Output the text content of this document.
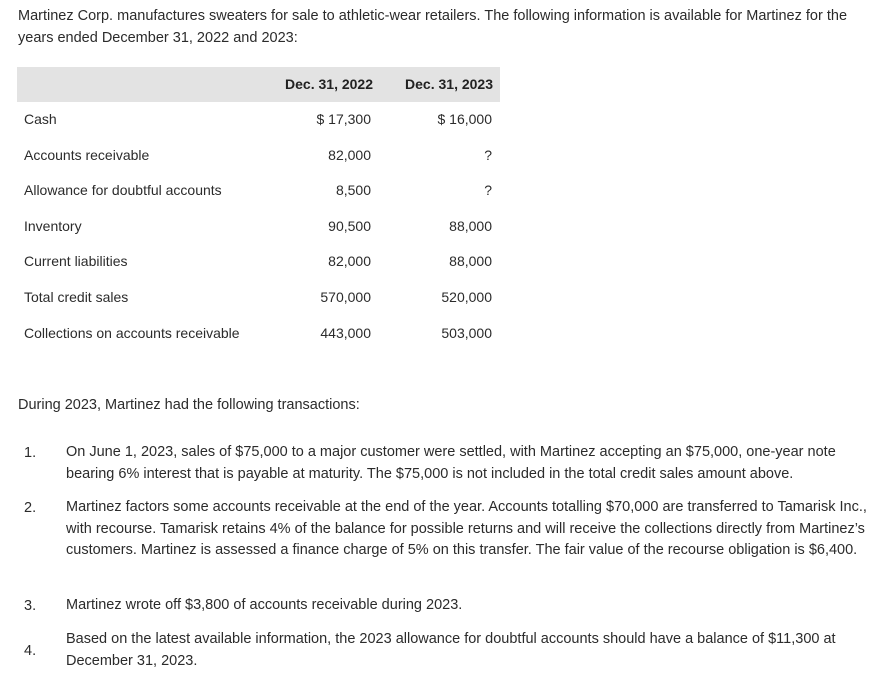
Martinez Corp. manufactures sweaters for sale to athletic-wear retailers. The following information is available for Martinez for the years ended December 31, 2022 and 2023:
Dec. 31, 2022	Dec. 31, 2023
Cash	$ 17,300	$ 16,000
Accounts receivable	82,000	?
Allowance for doubtful accounts	8,500	?
Inventory	90,500	88,000
Current liabilities	82,000	88,000
Total credit sales	570,000	520,000
Collections on accounts receivable	443,000	503,000
During 2023, Martinez had the following transactions:
1. On June 1, 2023, sales of $75,000 to a major customer were settled, with Martinez accepting an $75,000, one-year note bearing 6% interest that is payable at maturity. The $75,000 is not included in the total credit sales amount above.
2. Martinez factors some accounts receivable at the end of the year. Accounts totalling $70,000 are transferred to Tamarisk Inc., with recourse. Tamarisk retains 4% of the balance for possible returns and will receive the collections directly from Martinez’s customers. Martinez is assessed a finance charge of 5% on this transfer. The fair value of the recourse obligation is $6,400.
3. Martinez wrote off $3,800 of accounts receivable during 2023.
4.
Based on the latest available information, the 2023 allowance for doubtful accounts should have a balance of $11,300 at December 31, 2023.
